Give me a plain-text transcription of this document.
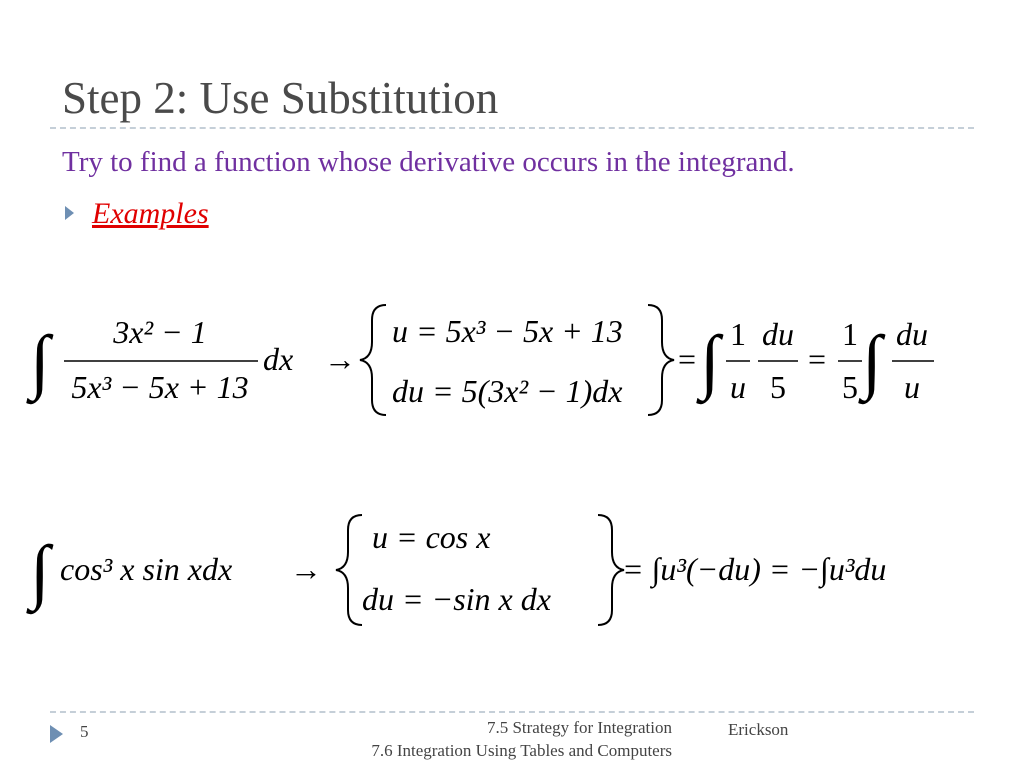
Step 2: Use Substitution
Try to find a function whose derivative occurs in the integrand.
Examples
∫ 3x² − 1
5x³ − 5x + 13
dx →
u = 5x³ − 5x + 13
du = 5(3x² − 1)dx
= ∫ 1
u
du
5
=
1
5 ∫ du
u
∫ cos³ x sin xdx →
u = cos x
du = −sin x dx
= ∫u³(−du) = −∫u³du
5	7.5 Strategy for Integration
7.6 Integration Using Tables and Computers
Erickson
